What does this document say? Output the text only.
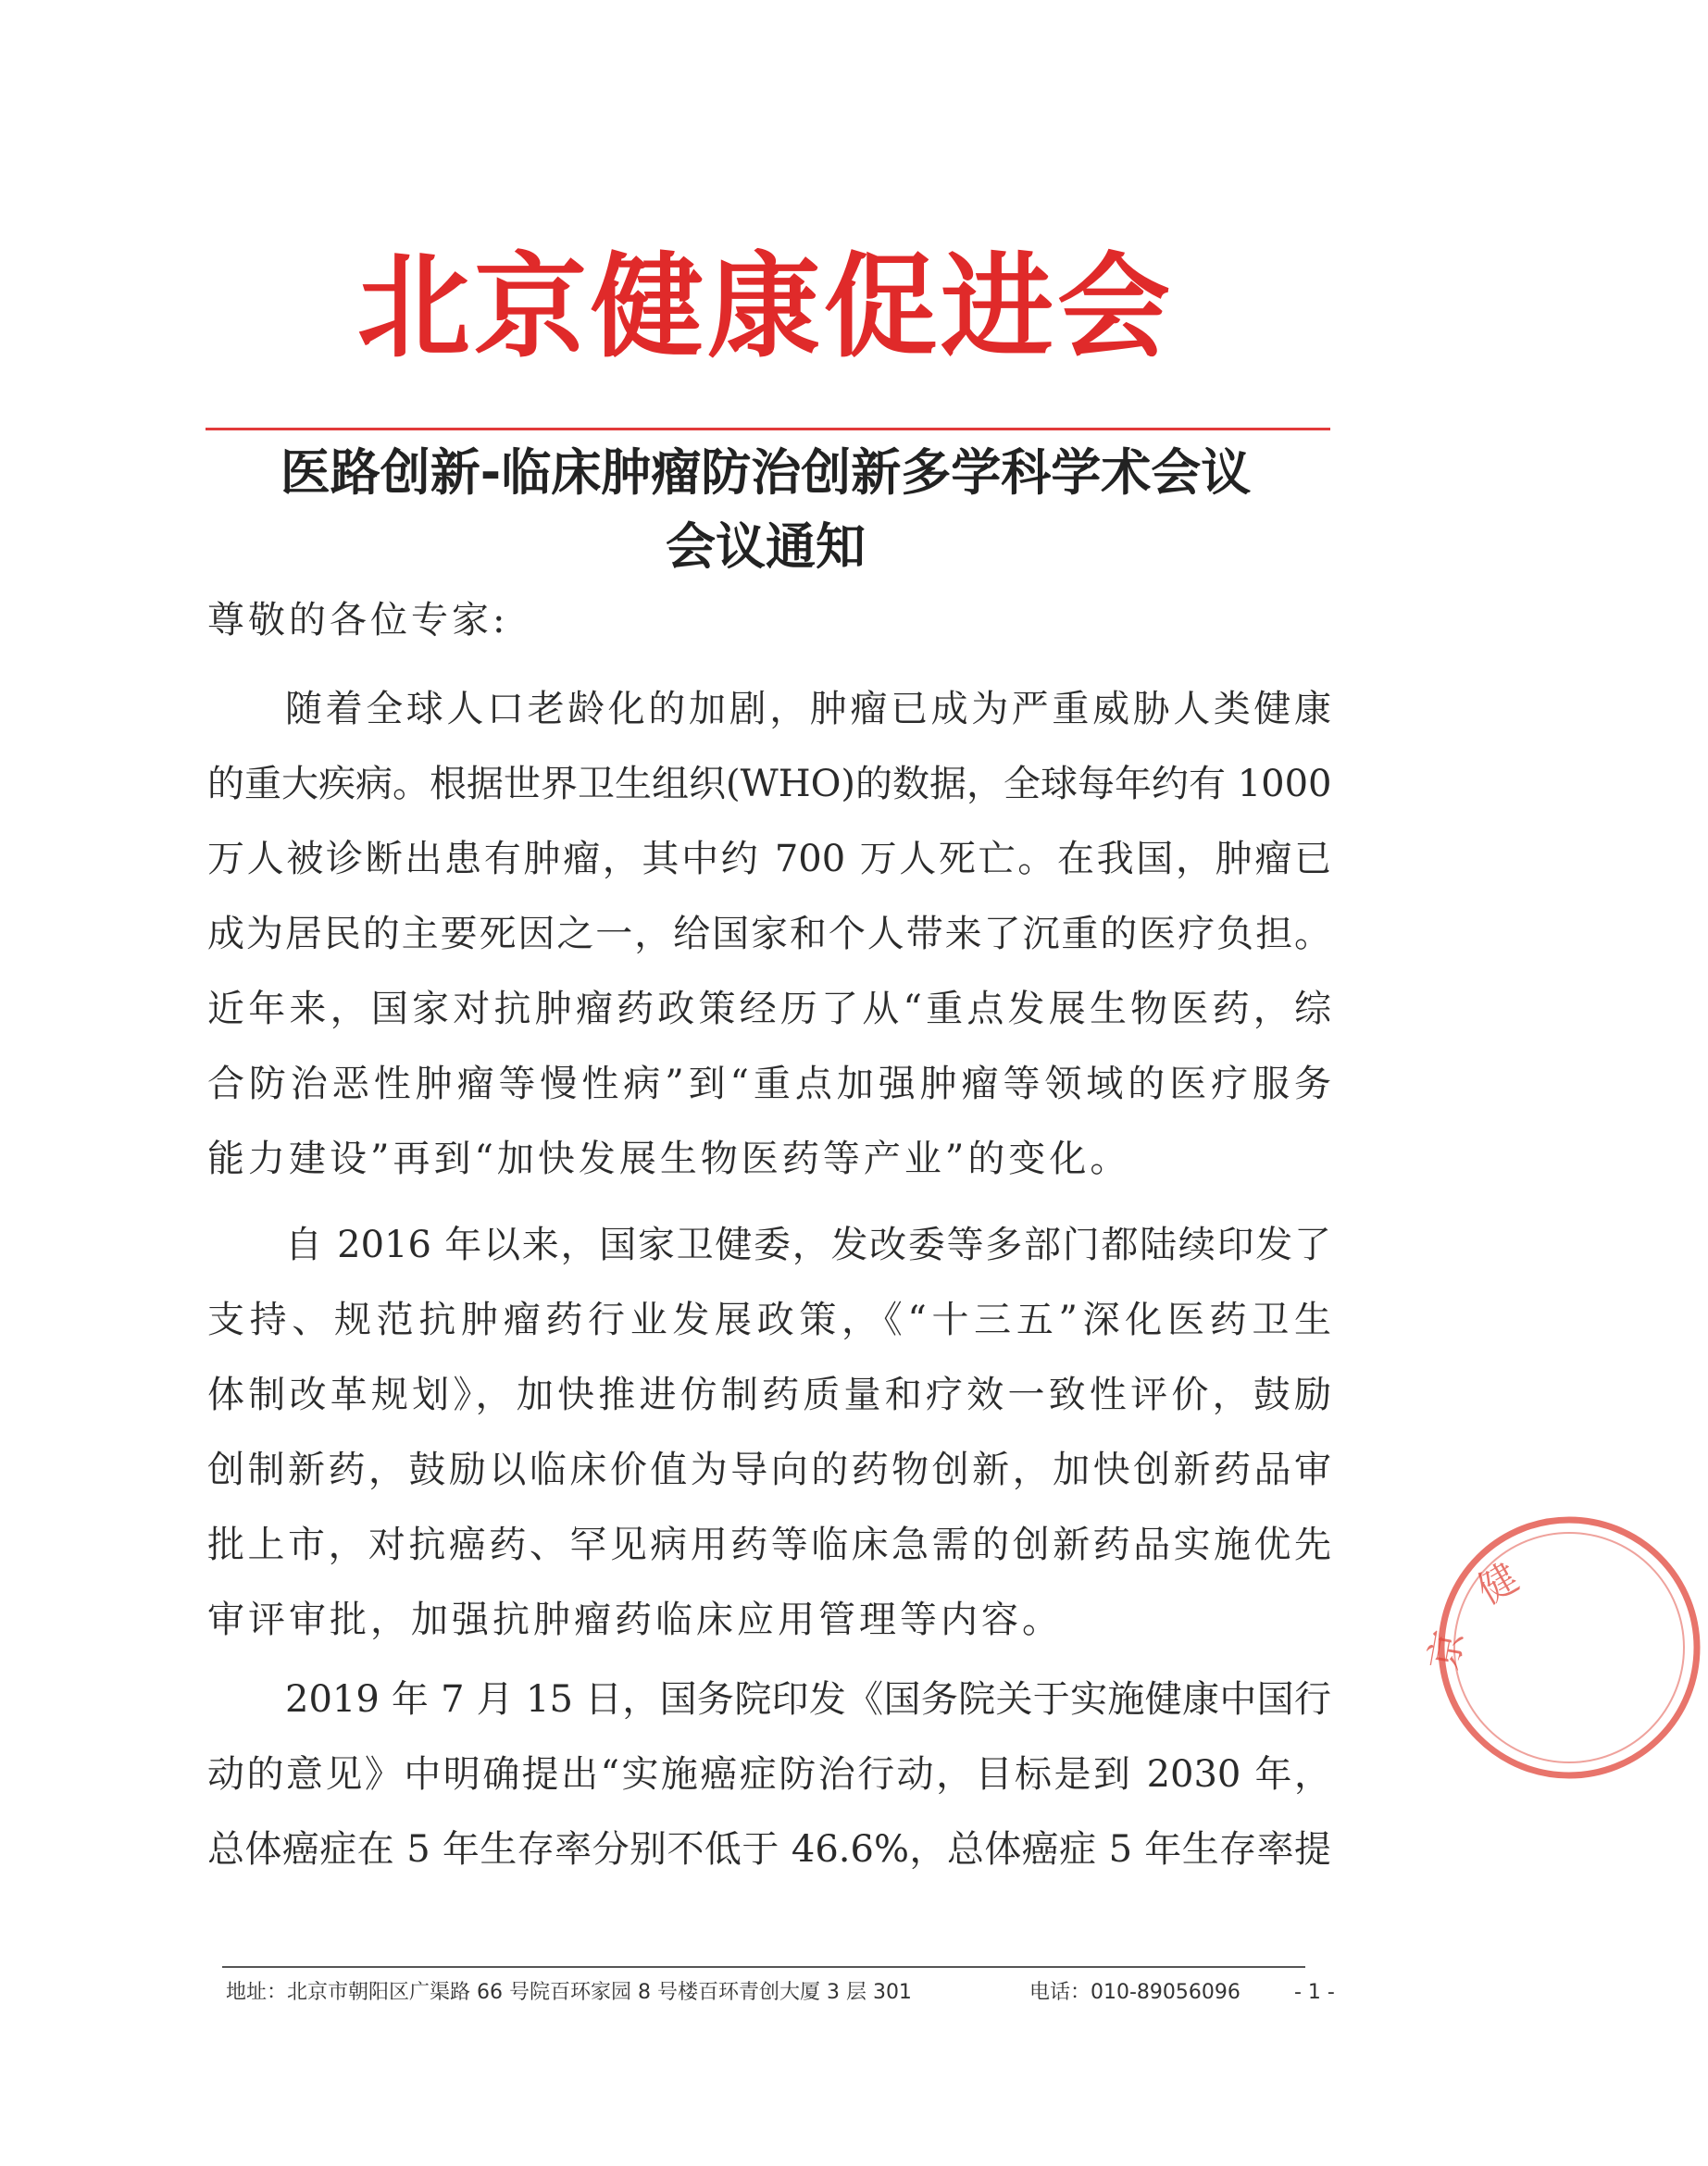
北京健康促进会
医路创新-临床肿瘤防治创新多学科学术会议
会议通知
尊敬的各位专家:
随着全球人口老龄化的加剧，肿瘤已成为严重威胁人类健康
的重大疾病。根据世界卫生组织(WHO)的数据，全球每年约有 1000
万人被诊断出患有肿瘤，其中约 700 万人死亡。在我国，肿瘤已
成为居民的主要死因之一，给国家和个人带来了沉重的医疗负担。
近年来，国家对抗肿瘤药政策经历了从“重点发展生物医药，综
合防治恶性肿瘤等慢性病”到“重点加强肿瘤等领域的医疗服务
能力建设”再到“加快发展生物医药等产业”的变化。
自 2016 年以来，国家卫健委，发改委等多部门都陆续印发了
支持、规范抗肿瘤药行业发展政策，《“十三五”深化医药卫生
体制改革规划》，加快推进仿制药质量和疗效一致性评价，鼓励
创制新药，鼓励以临床价值为导向的药物创新，加快创新药品审
批上市，对抗癌药、罕见病用药等临床急需的创新药品实施优先
审评审批，加强抗肿瘤药临床应用管理等内容。
2019 年 7 月 15 日，国务院印发《国务院关于实施健康中国行
动的意见》中明确提出“实施癌症防治行动，目标是到 2030 年，
总体癌症在 5 年生存率分别不低于 46.6%，总体癌症 5 年生存率提
地址：北京市朝阳区广渠路 66 号院百环家园 8 号楼百环青创大厦 3 层 301	电话：010-89056096	- 1 -
健
京
